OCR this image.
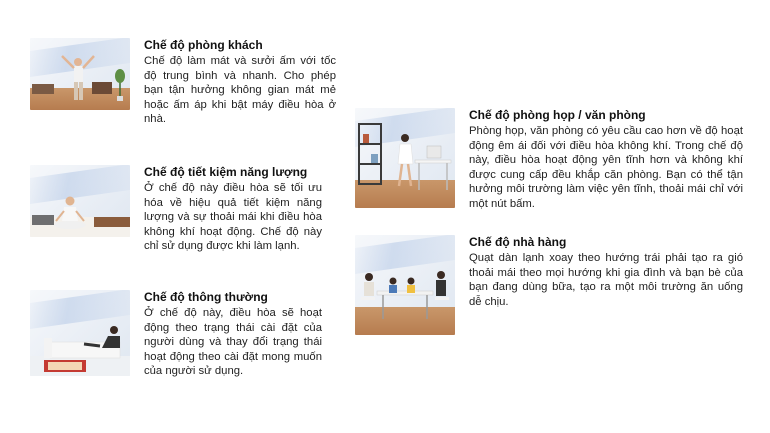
Chế độ phòng khách

Chế độ làm mát và sưởi ấm với tốc độ trung bình và nhanh. Cho phép bạn tận hưởng không gian mát mẻ hoặc ấm áp khi bật máy điều hòa ở nhà.

Chế độ tiết kiệm năng lượng

Ở chế độ này điều hòa sẽ tối ưu hóa về hiệu quả tiết kiệm năng lượng và sự thoải mái khi điều hòa không khí hoạt động. Chế độ này chỉ sử dụng được khi làm lạnh.

Chế độ thông thường

Ở chế độ này, điều hòa sẽ hoạt động theo trạng thái cài đặt của người dùng và thay đổi trạng thái hoạt động theo cài đặt mong muốn của người sử dụng.

Chế độ phòng họp / văn phòng

Phòng họp, văn phòng có yêu cầu cao hơn về độ hoạt động êm ái đối với điều hòa không khí. Trong chế độ này, điều hòa hoạt động yên tĩnh hơn và không khí được cung cấp đều khắp căn phòng. Bạn có thể tận hưởng môi trường làm việc yên tĩnh, thoải mái chỉ với một nút bấm.

Chế độ nhà hàng

Quạt dàn lạnh xoay theo hướng trái phải tạo ra gió thoải mái theo mọi hướng khi gia đình và bạn bè của bạn đang dùng bữa, tạo ra một môi trường ăn uống dễ chịu.
